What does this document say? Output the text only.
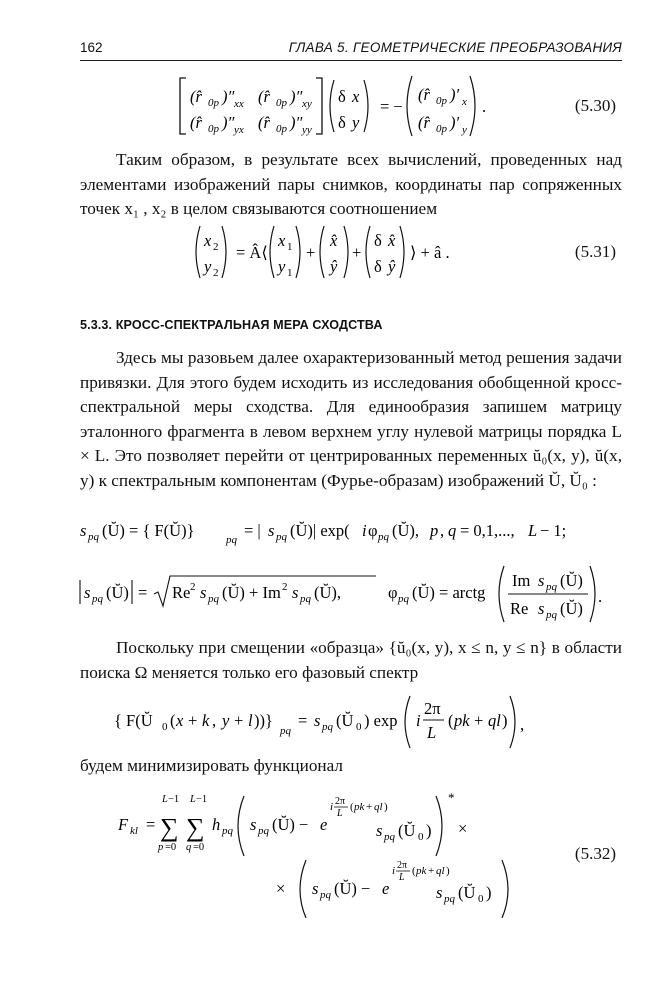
162	ГЛАВА 5. ГЕОМЕТРИЧЕСКИЕ ПРЕОБРАЗОВАНИЯ
(r̂ 0p )″ xx (r̂ 0p )″ xy
(r̂ 0p )″ yx (r̂ 0p )″ yy
δ x
δ y
= −
(r̂ 0p )′ x
(r̂ 0p )′ y
.	(5.30)
Таким образом, в результате всех вычислений, проведенных над элементами изображений пары снимков, координаты пар сопряженных точек x₁ , x₂ в целом связываются соотношением
x 2
y 2
= Â⟨
x 1
y 1
+
x̂
ŷ
+
δ x̂
δ ŷ
⟩ + â .	(5.31)
5.3.3. КРОСС-СПЕКТРАЛЬНАЯ МЕРА СХОДСТВА
Здесь мы разовьем далее охарактеризованный метод решения задачи привязки. Для этого будем исходить из исследования обобщенной кросс-спектральной меры сходства. Для единообразия запишем матрицу эталонного фрагмента в левом верхнем углу нулевой матрицы порядка L × L. Это позволяет перейти от центрированных переменных ŭ₀(x, y), ŭ(x, y) к спектральным компонентам (Фурье-образам) изображений Ŭ, Ŭ₀ :
s pq (Ŭ) = { F(Ŭ)}	pq = | s pq (Ŭ)| exp( i φ pq (Ŭ), p , q = 0,1,..., L − 1;
s pq (Ŭ) = Re 2 s pq (Ŭ) + Im 2 s pq (Ŭ),	φ pq (Ŭ) = arctg
Im s pq (Ŭ)
Re s pq (Ŭ)
.
Поскольку при смещении «образца» {ŭ₀(x, y), x ≤ n, y ≤ n} в области поиска Ω меняется только его фазовый спектр
{ F(Ŭ 0 ( x + k , y + l ))}
pq
= s pq (Ŭ 0 ) exp i
2π
L
( pk + ql ) ,
будем минимизировать функционал
F kl =
L −1
∑
p =0
L −1
∑
q =0
h pq s pq (Ŭ) − e
i 2π
L
( pk + ql )
s pq (Ŭ 0 )
*
×
× s pq (Ŭ) − e
i 2π
L
( pk + ql )
s pq (Ŭ 0 )
(5.32)
